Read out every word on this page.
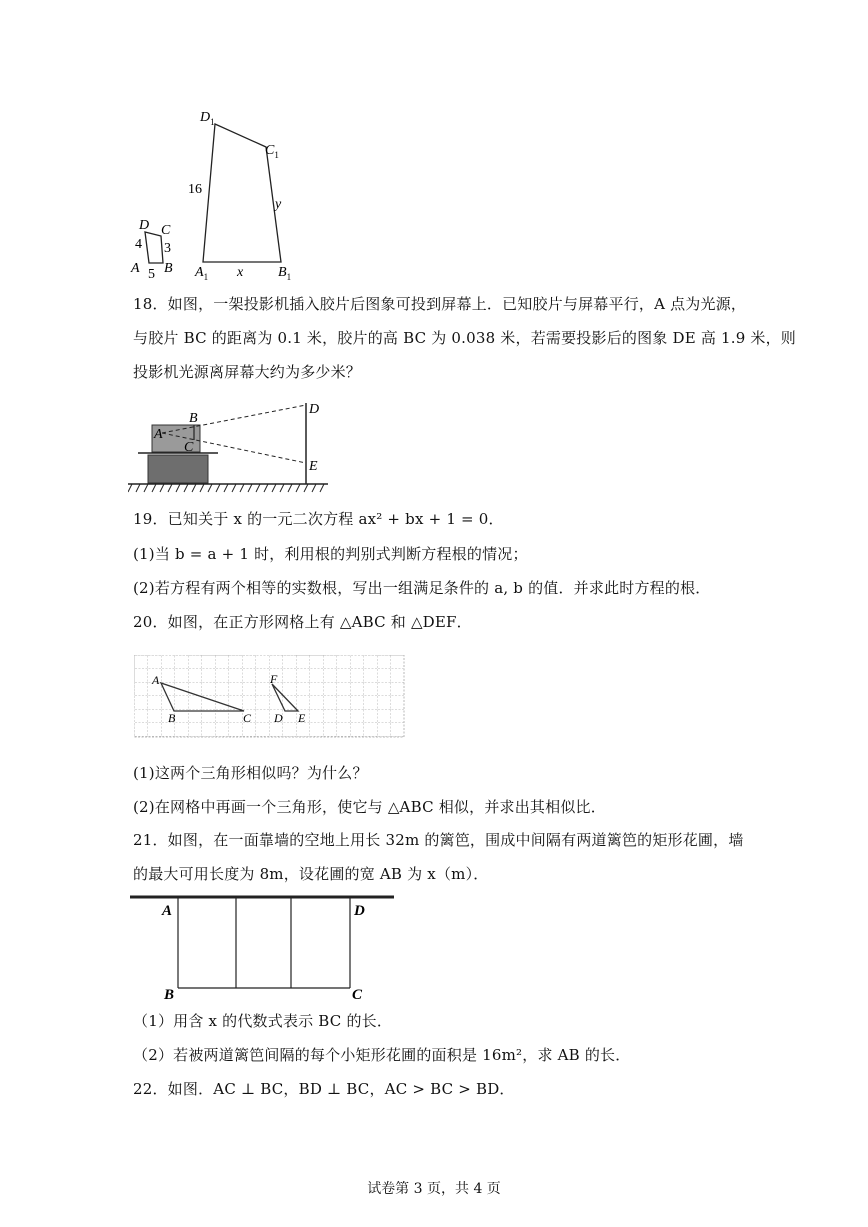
D C
A B
4 3
5
$D_1$
$C_1$
$A_1$	$B_1$
16
y
x
18．如图，一架投影机插入胶片后图象可投到屏幕上．已知胶片与屏幕平行，A 点为光源，
与胶片 BC 的距离为 0.1 米，胶片的高 BC 为 0.038 米，若需要投影后的图象 DE 高 1.9 米，则
投影机光源离屏幕大约为多少米？
A
B
C
D
E
19．已知关于 x 的一元二次方程 ax² + bx + 1 = 0．
(1)当 b = a + 1 时，利用根的判别式判断方程根的情况；
(2)若方程有两个相等的实数根，写出一组满足条件的 a, b 的值．并求此时方程的根．
20．如图，在正方形网格上有 △ABC 和 △DEF．
A
B	C
F
D E
(1)这两个三角形相似吗？为什么？
(2)在网格中再画一个三角形，使它与 △ABC 相似，并求出其相似比．
21．如图，在一面靠墙的空地上用长 32m 的篱笆，围成中间隔有两道篱笆的矩形花圃，墙
的最大可用长度为 8m，设花圃的宽 AB 为 x（m）．
A	D
B	C
（1）用含 x 的代数式表示 BC 的长．
（2）若被两道篱笆间隔的每个小矩形花圃的面积是 16m²，求 AB 的长．
22．如图．AC ⊥ BC，BD ⊥ BC，AC > BC > BD．
试卷第 3 页，共 4 页
